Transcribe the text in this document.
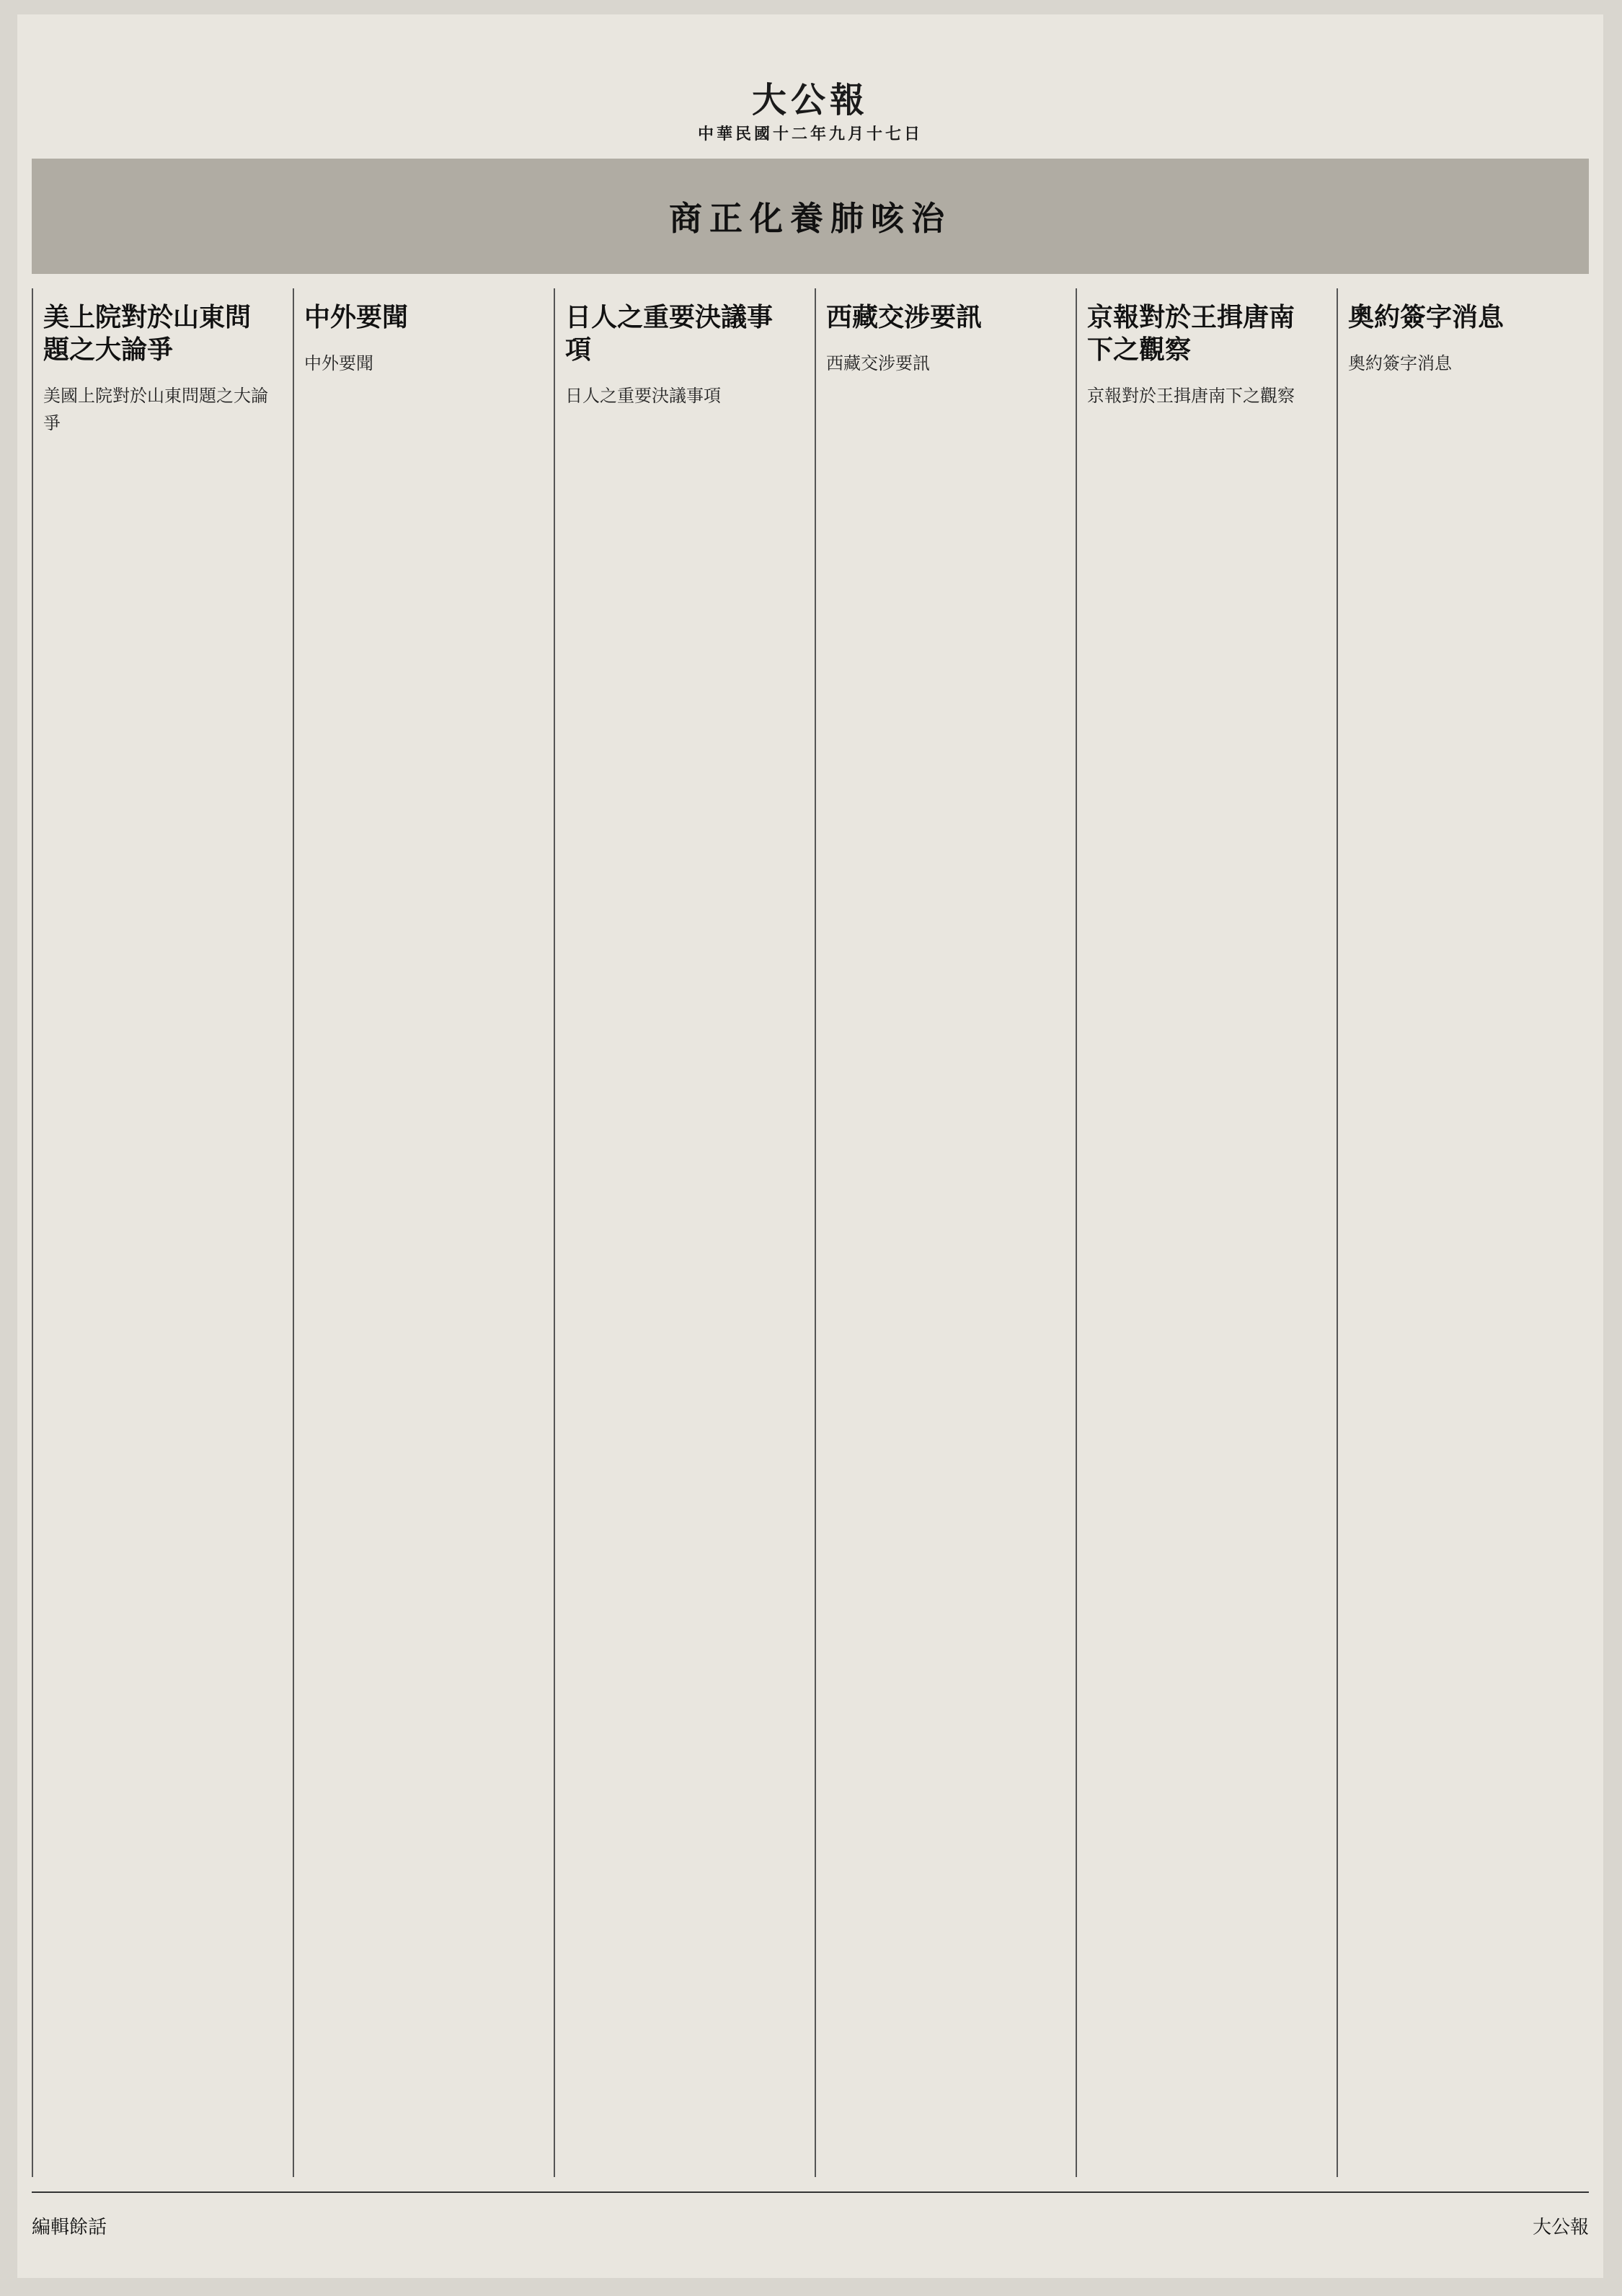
大公報
中華民國十二年九月十七日
商正化養肺咳治
美上院對於山東問題之大論爭
美國上院對於山東問題之大論爭
中外要聞
中外要聞
日人之重要決議事項
日人之重要決議事項
西藏交涉要訊
西藏交涉要訊
京報對於王揖唐南下之觀察
京報對於王揖唐南下之觀察
奧約簽字消息
奧約簽字消息
編輯餘話	大公報
